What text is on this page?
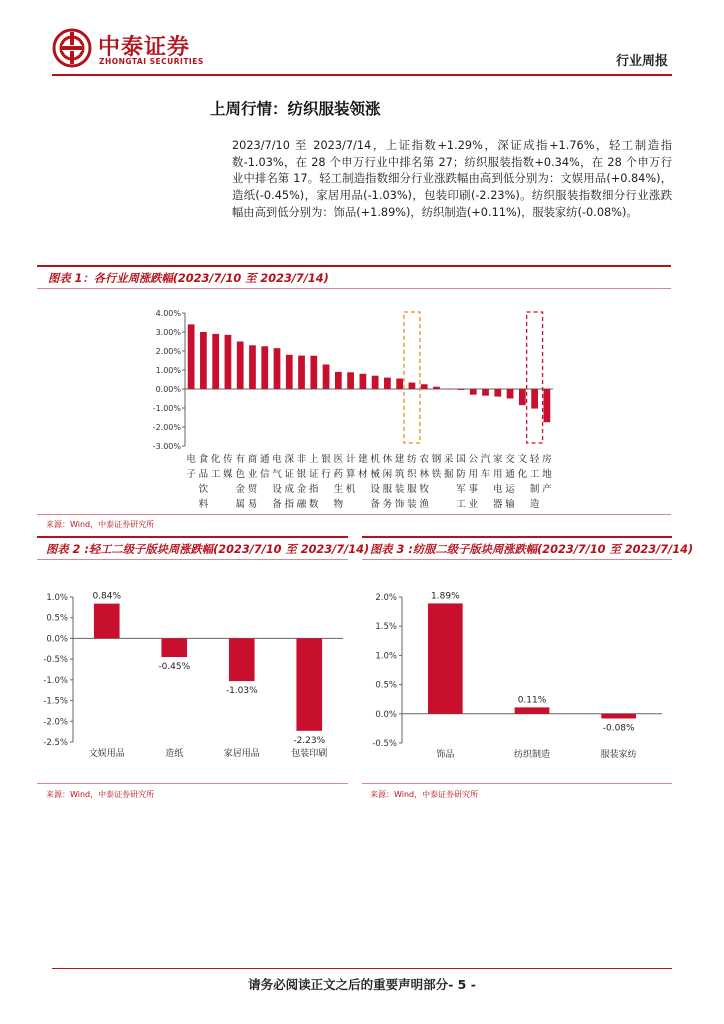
中泰证券
ZHONGTAI SECURITIES	行业周报
上周行情：纺织服装领涨
2023/7/10 至 2023/7/14，上证指数+1.29%，深证成指+1.76%，轻工制造指数-1.03%，在 28 个申万行业中排名第 27；纺织服装指数+0.34%，在 28 个申万行业中排名第 17。轻工制造指数细分行业涨跌幅由高到低分别为：文娱用品(+0.84%)，造纸(-0.45%)，家居用品(-1.03%)，包装印刷(-2.23%)。纺织服装指数细分行业涨跌幅由高到低分别为：饰品(+1.89%)，纺织制造(+0.11%)，服装家纺(-0.08%)。
图表 1：各行业周涨跌幅(2023/7/10 至 2023/7/14)
4.00%
3.00%
2.00%
1.00%
0.00%
-1.00%
-2.00%
-3.00%
电
子
食
品
饮
料
化
工
传
媒
有
色
金
属
商
业
贸
易
通
信
电
气
设
备
深
证
成
指
非
银
金
融
上
证
指
数
银
行
医
药
生
物
计
算
机
建
材
机
械
设
备
休
闲
服
务
建
筑
装
饰
纺
织
服
装
农
林
牧
渔
钢
铁
采
掘
国
防
军
工
公
用
事
业
汽
车
家
用
电
器
交
通
运
输
文
化
轻
工
制
造
房
地
产
来源：Wind，中泰证券研究所
图表 2 :轻工二级子版块周涨跌幅(2023/7/10 至 2023/7/14)
1.0%
0.5%
0.0%
-0.5%
-1.0%
-1.5%
-2.0%
-2.5%
0.84%
文娱用品
-0.45%
造纸
-1.03%
家居用品
-2.23%
包装印刷
来源：Wind，中泰证券研究所
图表 3 :纺服二级子版块周涨跌幅(2023/7/10 至 2023/7/14)
2.0%
1.5%
1.0%
0.5%
0.0%
-0.5%
1.89%
饰品
0.11%
纺织制造
-0.08%
服装家纺
来源：Wind，中泰证券研究所
请务必阅读正文之后的重要声明部分- 5 -
